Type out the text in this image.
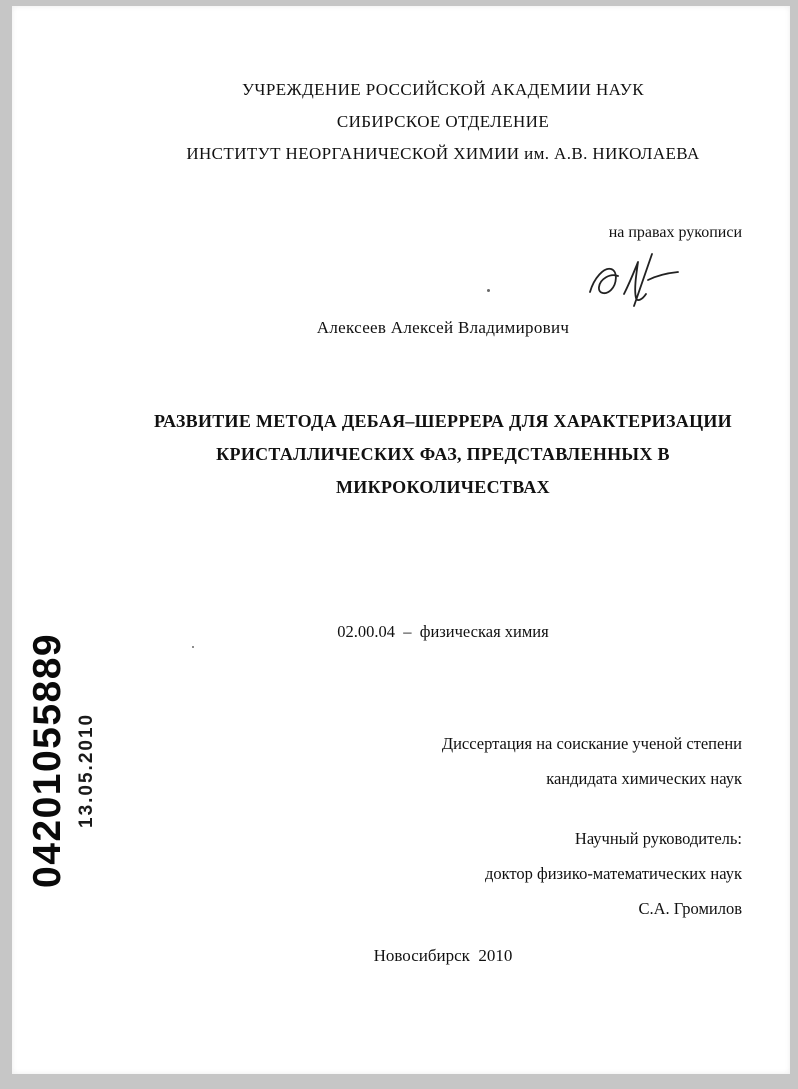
УЧРЕЖДЕНИЕ РОССИЙСКОЙ АКАДЕМИИ НАУК
СИБИРСКОЕ ОТДЕЛЕНИЕ
ИНСТИТУТ НЕОРГАНИЧЕСКОЙ ХИМИИ им. А.В. НИКОЛАЕВА
на правах рукописи
Алексеев Алексей Владимирович
РАЗВИТИЕ МЕТОДА ДЕБАЯ–ШЕРРЕРА ДЛЯ ХАРАКТЕРИЗАЦИИ
КРИСТАЛЛИЧЕСКИХ ФАЗ, ПРЕДСТАВЛЕННЫХ В
МИКРОКОЛИЧЕСТВАХ
02.00.04  –  физическая химия
Диссертация на соискание ученой степени
кандидата химических наук
Научный руководитель:
доктор физико-математических наук
С.А. Громилов
Новосибирск  2010
04201055889 13.05.2010
